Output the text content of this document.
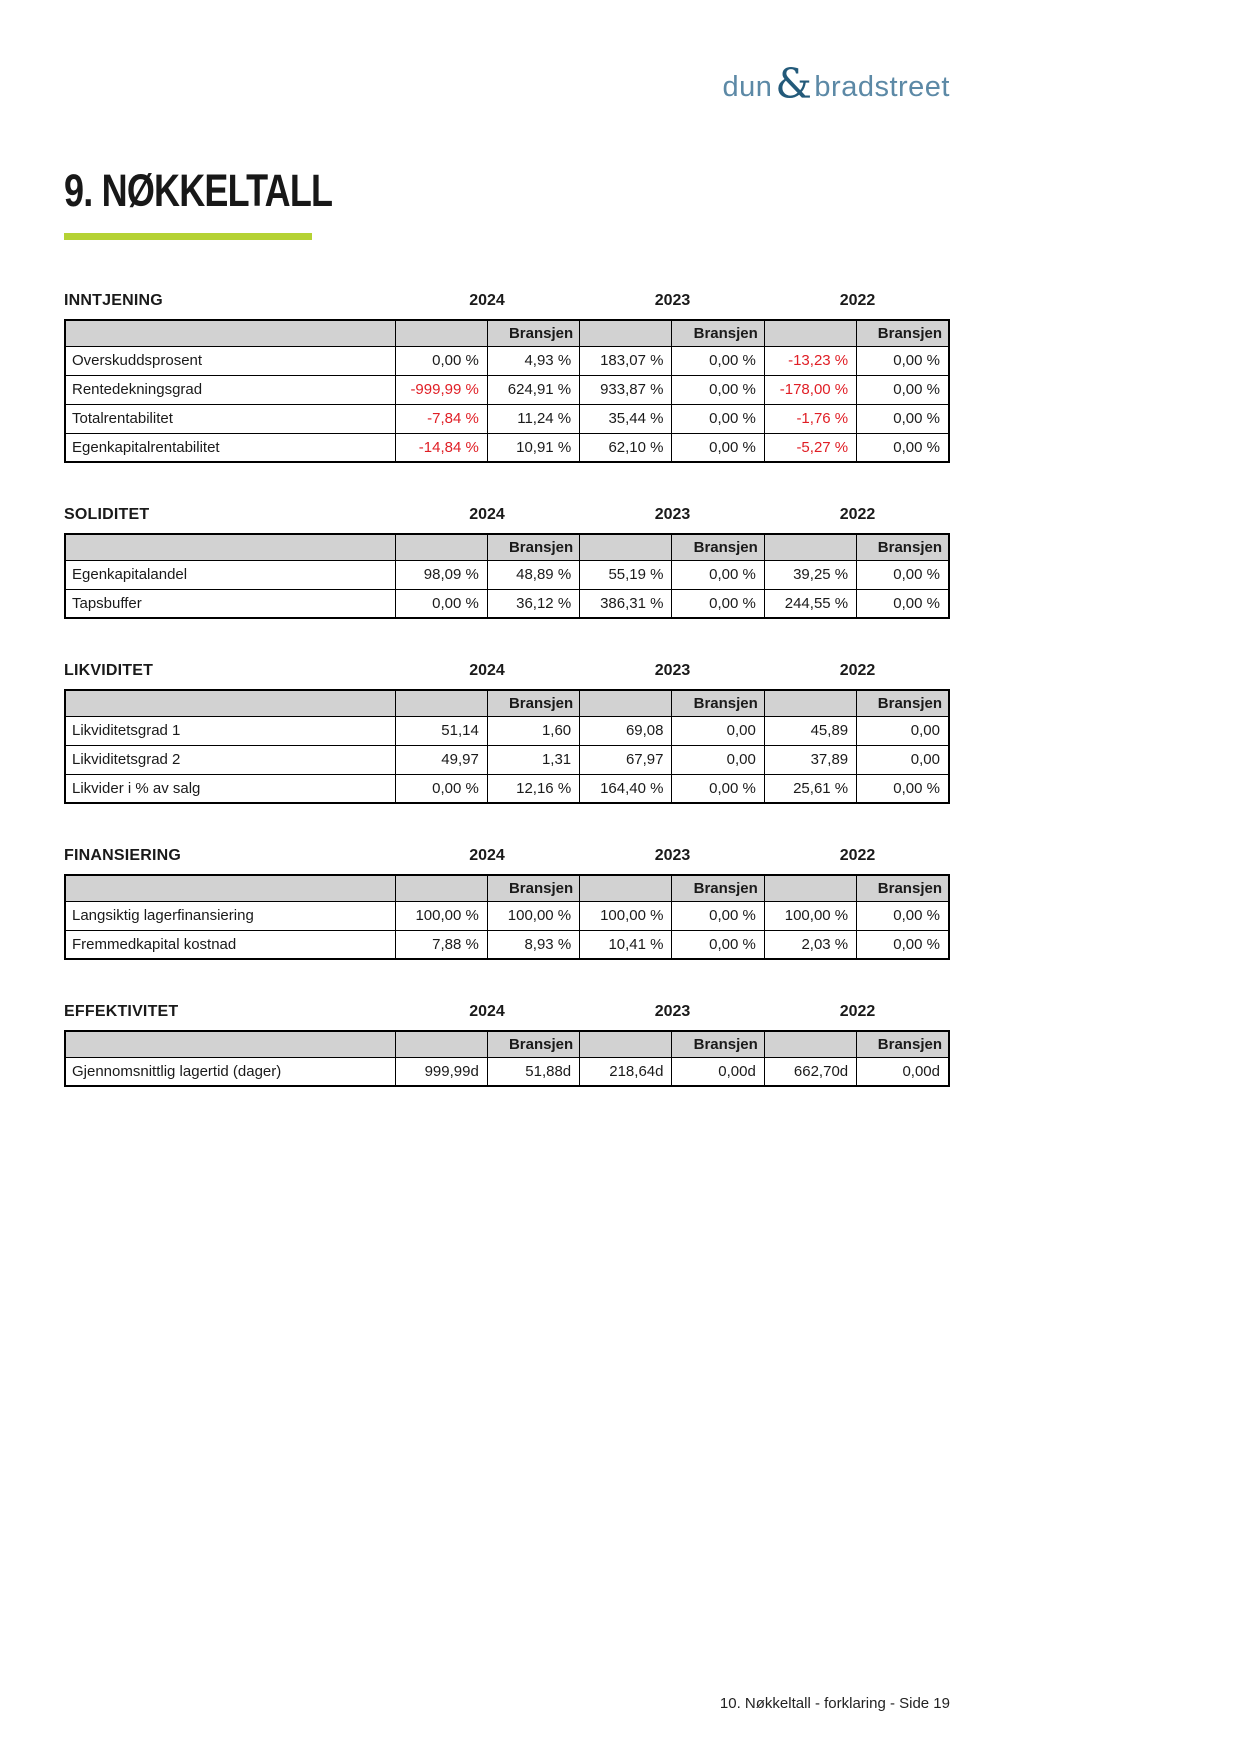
dun & bradstreet
9. NØKKELTALL
INNTJENING	2024	2023	2022
		Bransjen		Bransjen		Bransjen
Overskuddsprosent	0,00 %	4,93 %	183,07 %	0,00 %	-13,23 %	0,00 %
Rentedekningsgrad	-999,99 %	624,91 %	933,87 %	0,00 %	-178,00 %	0,00 %
Totalrentabilitet	-7,84 %	11,24 %	35,44 %	0,00 %	-1,76 %	0,00 %
Egenkapitalrentabilitet	-14,84 %	10,91 %	62,10 %	0,00 %	-5,27 %	0,00 %
SOLIDITET	2024	2023	2022
		Bransjen		Bransjen		Bransjen
Egenkapitalandel	98,09 %	48,89 %	55,19 %	0,00 %	39,25 %	0,00 %
Tapsbuffer	0,00 %	36,12 %	386,31 %	0,00 %	244,55 %	0,00 %
LIKVIDITET	2024	2023	2022
		Bransjen		Bransjen		Bransjen
Likviditetsgrad 1	51,14	1,60	69,08	0,00	45,89	0,00
Likviditetsgrad 2	49,97	1,31	67,97	0,00	37,89	0,00
Likvider i % av salg	0,00 %	12,16 %	164,40 %	0,00 %	25,61 %	0,00 %
FINANSIERING	2024	2023	2022
		Bransjen		Bransjen		Bransjen
Langsiktig lagerfinansiering	100,00 %	100,00 %	100,00 %	0,00 %	100,00 %	0,00 %
Fremmedkapital kostnad	7,88 %	8,93 %	10,41 %	0,00 %	2,03 %	0,00 %
EFFEKTIVITET	2024	2023	2022
		Bransjen		Bransjen		Bransjen
Gjennomsnittlig lagertid (dager)	999,99d	51,88d	218,64d	0,00d	662,70d	0,00d
10. Nøkkeltall - forklaring - Side 19
